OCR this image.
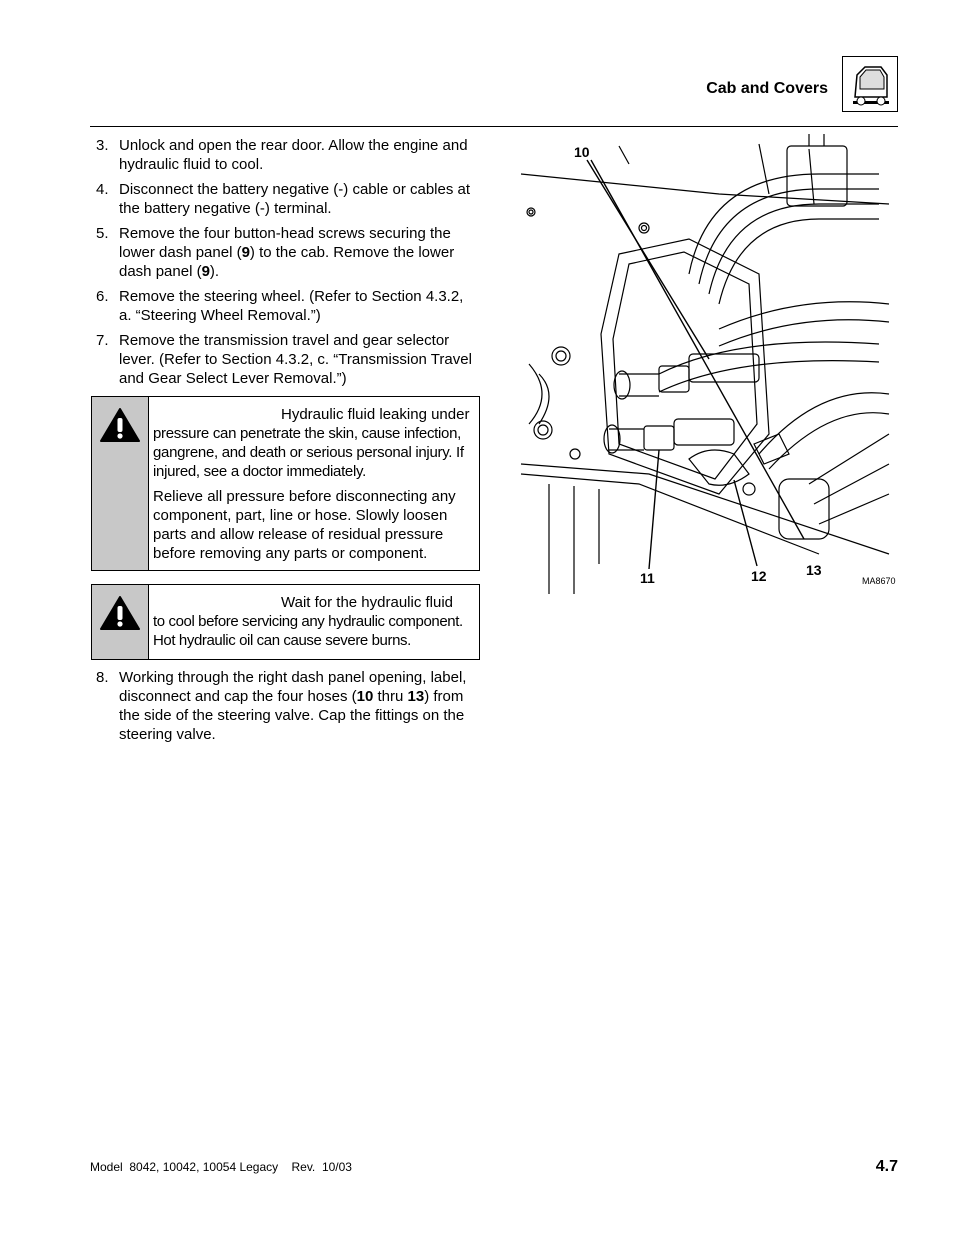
Cab and Covers
3. Unlock and open the rear door. Allow the engine and hydraulic fluid to cool.
4. Disconnect the battery negative (-) cable or cables at the battery negative (-) terminal.
5. Remove the four button-head screws securing the lower dash panel (9) to the cab. Remove the lower dash panel (9).
6. Remove the steering wheel. (Refer to Section 4.3.2, a. “Steering Wheel Removal.”)
7. Remove the transmission travel and gear selector lever. (Refer to Section 4.3.2, c. “Transmission Travel and Gear Select Lever Removal.”)

Hydraulic fluid leaking under
pressure can penetrate the skin, cause infection, gangrene, and death or serious personal injury. If injured, see a doctor immediately.

Relieve all pressure before disconnecting any component, part, line or hose. Slowly loosen parts and allow release of residual pressure before removing any parts or component.

Wait for the hydraulic fluid
to cool before servicing any hydraulic component. Hot hydraulic oil can cause severe burns.

8. Working through the right dash panel opening, label, disconnect and cap the four hoses (10 thru 13) from the side of the steering valve. Cap the fittings on the steering valve.
10
11	12	13
MA8670
Model  8042, 10042, 10054 Legacy    Rev.  10/03	4.7
